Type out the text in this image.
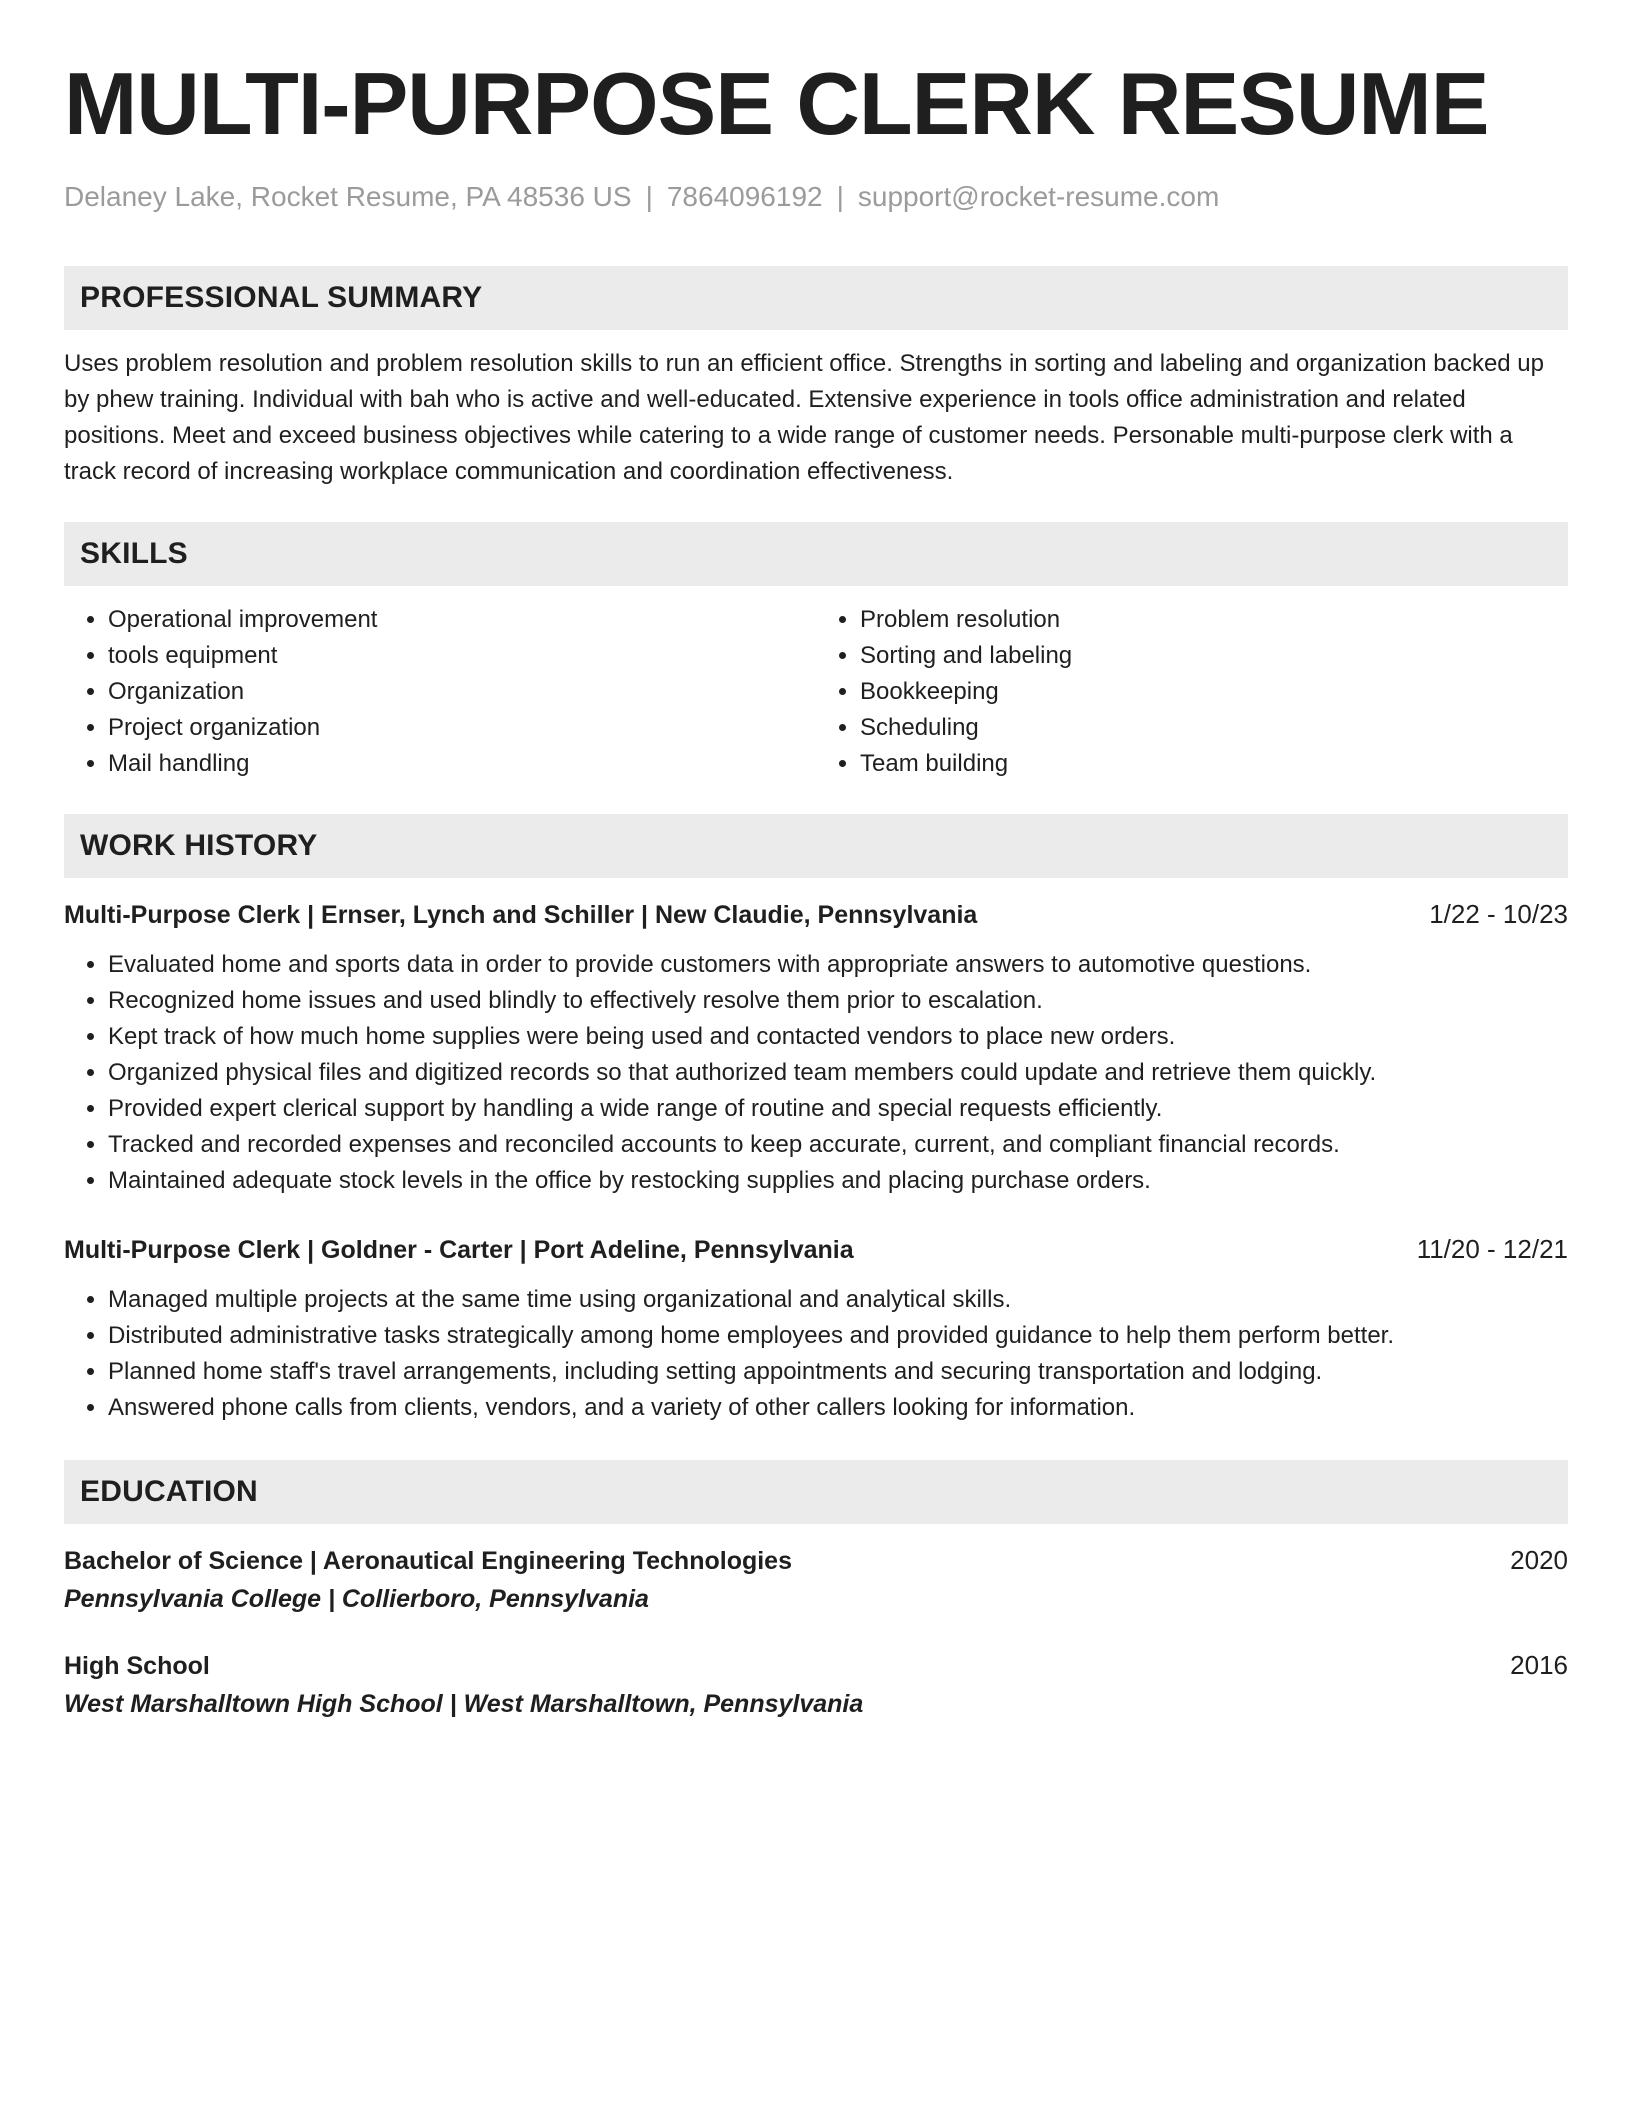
MULTI-PURPOSE CLERK RESUME
Delaney Lake, Rocket Resume, PA 48536 US | 7864096192 | support@rocket-resume.com
PROFESSIONAL SUMMARY
Uses problem resolution and problem resolution skills to run an efficient office. Strengths in sorting and labeling and organization backed up by phew training. Individual with bah who is active and well-educated. Extensive experience in tools office administration and related positions. Meet and exceed business objectives while catering to a wide range of customer needs. Personable multi-purpose clerk with a track record of increasing workplace communication and coordination effectiveness.
SKILLS
• Operational improvement
• tools equipment
• Organization
• Project organization
• Mail handling
• Problem resolution
• Sorting and labeling
• Bookkeeping
• Scheduling
• Team building
WORK HISTORY
Multi-Purpose Clerk | Ernser, Lynch and Schiller | New Claudie, Pennsylvania	1/22 - 10/23
• Evaluated home and sports data in order to provide customers with appropriate answers to automotive questions.
• Recognized home issues and used blindly to effectively resolve them prior to escalation.
• Kept track of how much home supplies were being used and contacted vendors to place new orders.
• Organized physical files and digitized records so that authorized team members could update and retrieve them quickly.
• Provided expert clerical support by handling a wide range of routine and special requests efficiently.
• Tracked and recorded expenses and reconciled accounts to keep accurate, current, and compliant financial records.
• Maintained adequate stock levels in the office by restocking supplies and placing purchase orders.
Multi-Purpose Clerk | Goldner - Carter | Port Adeline, Pennsylvania	11/20 - 12/21
• Managed multiple projects at the same time using organizational and analytical skills.
• Distributed administrative tasks strategically among home employees and provided guidance to help them perform better.
• Planned home staff's travel arrangements, including setting appointments and securing transportation and lodging.
• Answered phone calls from clients, vendors, and a variety of other callers looking for information.
EDUCATION
Bachelor of Science | Aeronautical Engineering Technologies	2020
Pennsylvania College | Collierboro, Pennsylvania
High School	2016
West Marshalltown High School | West Marshalltown, Pennsylvania
